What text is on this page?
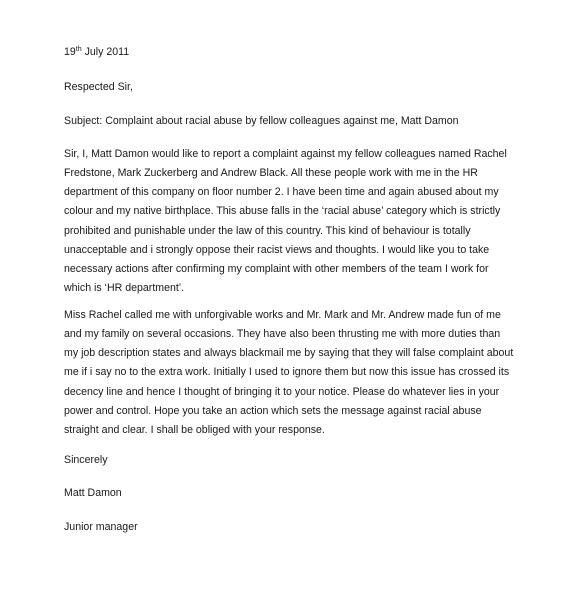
19th July 2011
Respected Sir,
Subject: Complaint about racial abuse by fellow colleagues against me, Matt Damon
Sir, I, Matt Damon would like to report a complaint against my fellow colleagues named Rachel
Fredstone, Mark Zuckerberg and Andrew Black. All these people work with me in the HR
department of this company on floor number 2. I have been time and again abused about my
colour and my native birthplace. This abuse falls in the ‘racial abuse’ category which is strictly
prohibited and punishable under the law of this country. This kind of behaviour is totally
unacceptable and i strongly oppose their racist views and thoughts. I would like you to take
necessary actions after confirming my complaint with other members of the team I work for
which is ‘HR department’.
Miss Rachel called me with unforgivable works and Mr. Mark and Mr. Andrew made fun of me
and my family on several occasions. They have also been thrusting me with more duties than
my job description states and always blackmail me by saying that they will false complaint about
me if i say no to the extra work. Initially I used to ignore them but now this issue has crossed its
decency line and hence I thought of bringing it to your notice. Please do whatever lies in your
power and control. Hope you take an action which sets the message against racial abuse
straight and clear. I shall be obliged with your response.
Sincerely
Matt Damon
Junior manager
